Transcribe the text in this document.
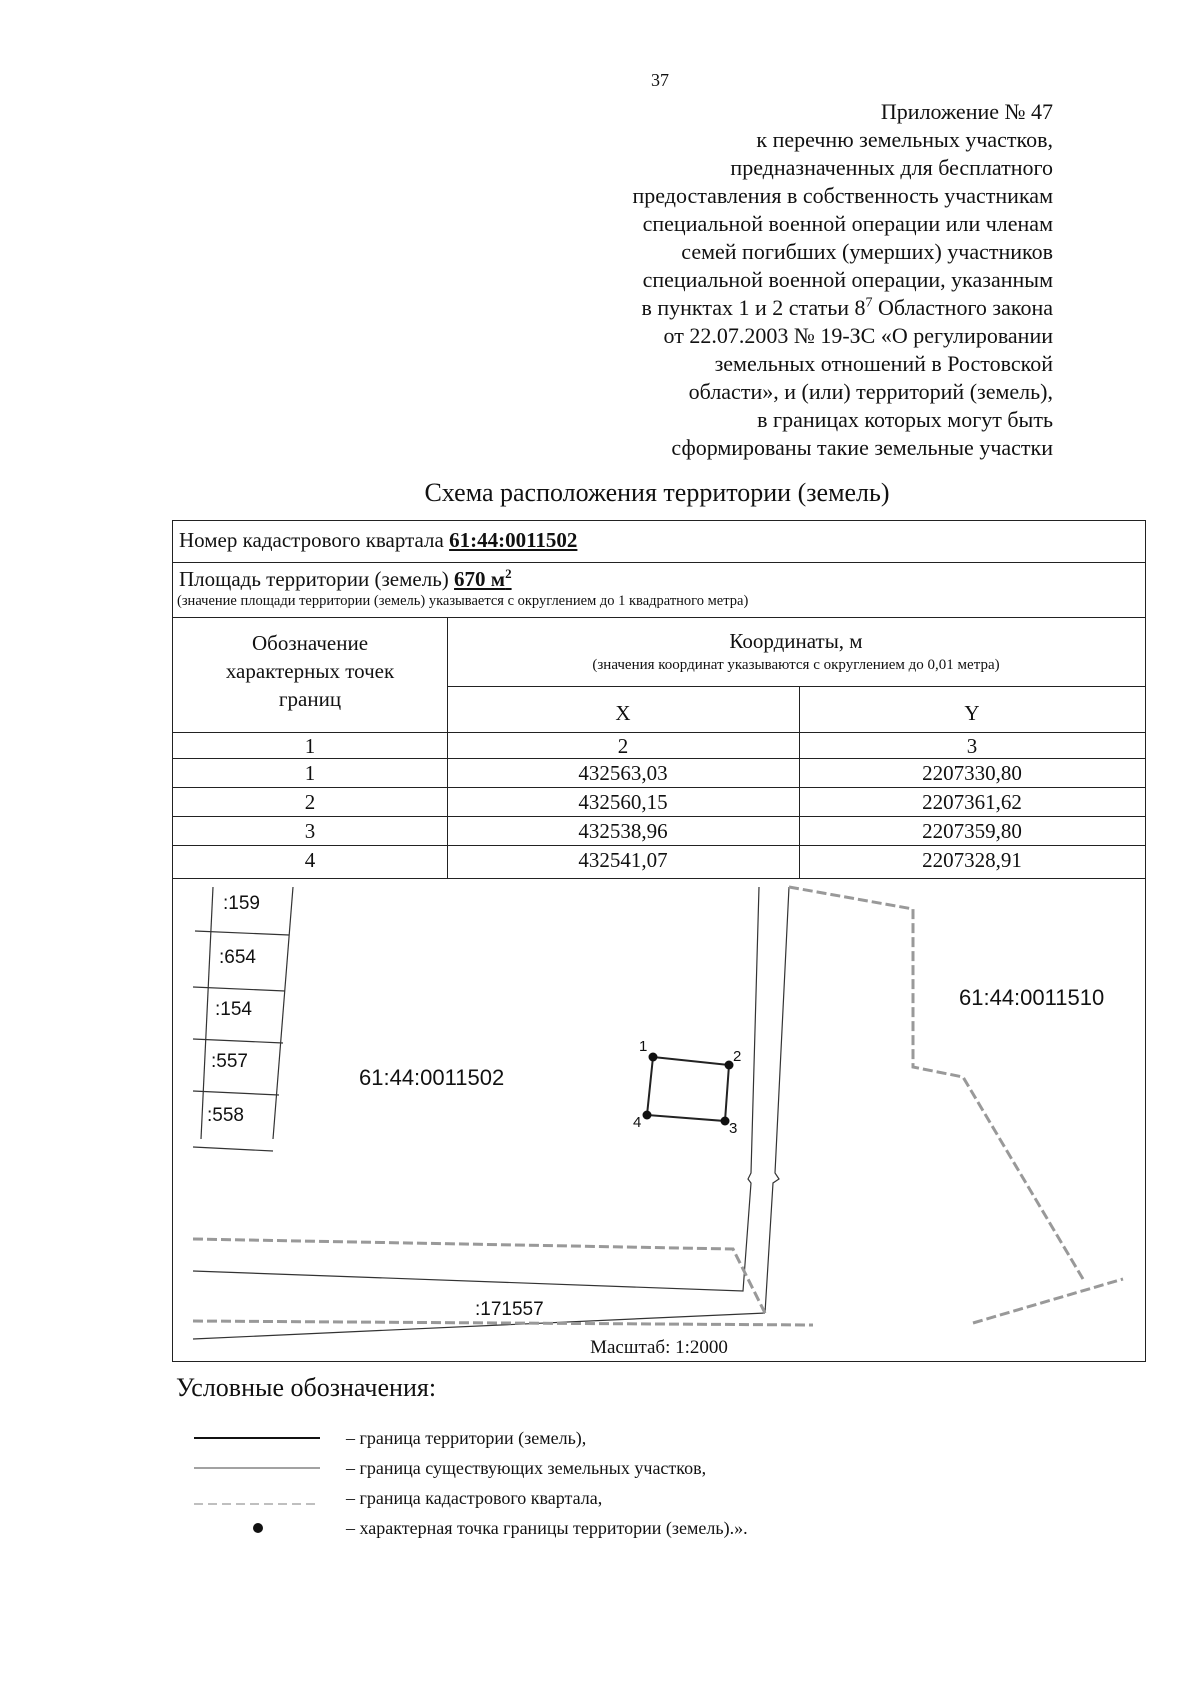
37
Приложение № 47
к перечню земельных участков,
предназначенных для бесплатного
предоставления в собственность участникам
специальной военной операции или членам
семей погибших (умерших) участников
специальной военной операции, указанным
в пунктах 1 и 2 статьи $8^7$ Областного закона
от 22.07.2003 № 19-ЗС «О регулировании
земельных отношений в Ростовской
области», и (или) территорий (земель),
в границах которых могут быть
сформированы такие земельные участки
Схема расположения территории (земель)
Номер кадастрового квартала 61:44:0011502
Площадь территории (земель) 670 $м^2$
(значение площади территории (земель) указывается с округлением до 1 квадратного метра)
Обозначение характерных точек границ
Координаты, м
(значения координат указываются с округлением до 0,01 метра)
X	Y
1	2	3
1	432563,03	2207330,80
2	432560,15	2207361,62
3	432538,96	2207359,80
4	432541,07	2207328,91
1
2
3
4
:159
:654
:154
:557
:558
61:44:0011502
61:44:0011510
:171557
Масштаб: 1:2000
Условные обозначения:
– граница территории (земель),
– граница существующих земельных участков,
– граница кадастрового квартала,
– характерная точка границы территории (земель).».
